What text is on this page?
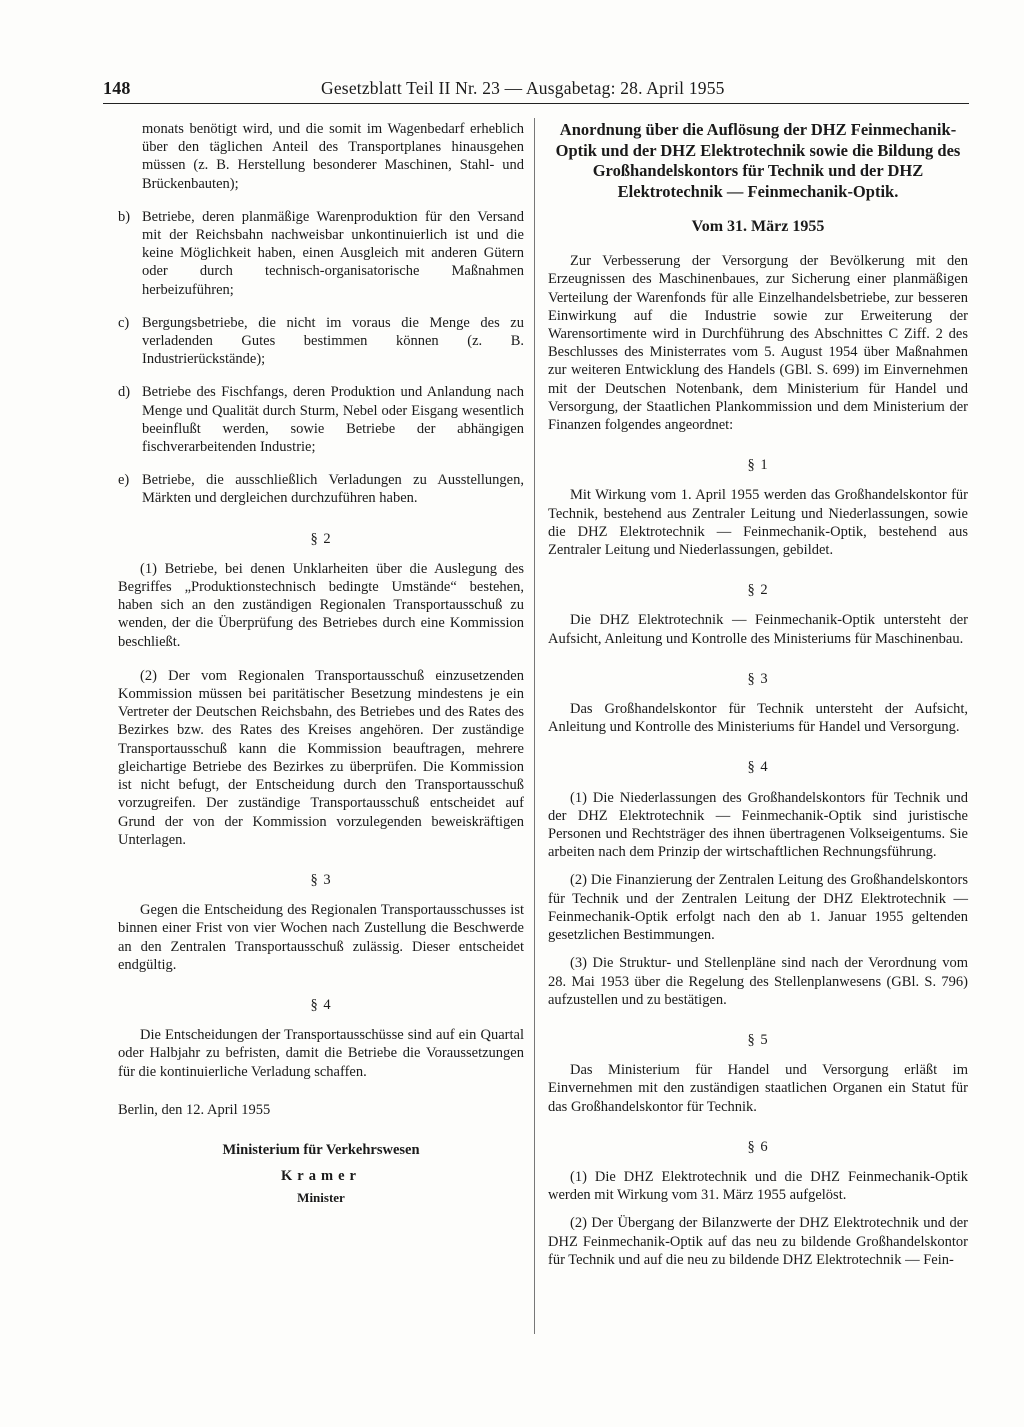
148	Gesetzblatt Teil II Nr. 23 — Ausgabetag: 28. April 1955

monats benötigt wird, und die somit im Wagenbedarf erheblich über den täglichen Anteil des Transportplanes hinausgehen müssen (z. B. Herstellung besonderer Maschinen, Stahl- und Brückenbauten);

b) Betriebe, deren planmäßige Warenproduktion für den Versand mit der Reichsbahn nachweisbar unkontinuierlich ist und die keine Möglichkeit haben, einen Ausgleich mit anderen Gütern oder durch technisch-organisatorische Maßnahmen herbeizuführen;
c) Bergungsbetriebe, die nicht im voraus die Menge des zu verladenden Gutes bestimmen können (z. B. Industrierückstände);
d) Betriebe des Fischfangs, deren Produktion und Anlandung nach Menge und Qualität durch Sturm, Nebel oder Eisgang wesentlich beeinflußt werden, sowie Betriebe der abhängigen fischverarbeitenden Industrie;
e) Betriebe, die ausschließlich Verladungen zu Ausstellungen, Märkten und dergleichen durchzuführen haben.

§ 2

(1) Betriebe, bei denen Unklarheiten über die Auslegung des Begriffes „Produktionstechnisch bedingte Umstände“ bestehen, haben sich an den zuständigen Regionalen Transportausschuß zu wenden, der die Überprüfung des Betriebes durch eine Kommission beschließt.

(2) Der vom Regionalen Transportausschuß einzusetzenden Kommission müssen bei paritätischer Besetzung mindestens je ein Vertreter der Deutschen Reichsbahn, des Betriebes und des Rates des Bezirkes bzw. des Rates des Kreises angehören. Der zuständige Transportausschuß kann die Kommission beauftragen, mehrere gleichartige Betriebe des Bezirkes zu überprüfen. Die Kommission ist nicht befugt, der Entscheidung durch den Transportausschuß vorzugreifen. Der zuständige Transportausschuß entscheidet auf Grund der von der Kommission vorzulegenden beweiskräftigen Unterlagen.

§ 3

Gegen die Entscheidung des Regionalen Transportausschusses ist binnen einer Frist von vier Wochen nach Zustellung die Beschwerde an den Zentralen Transportausschuß zulässig. Dieser entscheidet endgültig.

§ 4

Die Entscheidungen der Transportausschüsse sind auf ein Quartal oder Halbjahr zu befristen, damit die Betriebe die Voraussetzungen für die kontinuierliche Verladung schaffen.

Berlin, den 12. April 1955

Ministerium für Verkehrswesen

Kramer

Minister

Anordnung über die Auflösung der DHZ Feinmechanik-Optik und der DHZ Elektrotechnik sowie die Bildung des Großhandelskontors für Technik und der DHZ Elektrotechnik — Feinmechanik-Optik.

Vom 31. März 1955

Zur Verbesserung der Versorgung der Bevölkerung mit den Erzeugnissen des Maschinenbaues, zur Sicherung einer planmäßigen Verteilung der Warenfonds für alle Einzelhandelsbetriebe, zur besseren Einwirkung auf die Industrie sowie zur Erweiterung der Warensortimente wird in Durchführung des Abschnittes C Ziff. 2 des Beschlusses des Ministerrates vom 5. August 1954 über Maßnahmen zur weiteren Entwicklung des Handels (GBl. S. 699) im Einvernehmen mit der Deutschen Notenbank, dem Ministerium für Handel und Versorgung, der Staatlichen Plankommission und dem Ministerium der Finanzen folgendes angeordnet:

§ 1

Mit Wirkung vom 1. April 1955 werden das Großhandelskontor für Technik, bestehend aus Zentraler Leitung und Niederlassungen, sowie die DHZ Elektrotechnik — Feinmechanik-Optik, bestehend aus Zentraler Leitung und Niederlassungen, gebildet.

§ 2

Die DHZ Elektrotechnik — Feinmechanik-Optik untersteht der Aufsicht, Anleitung und Kontrolle des Ministeriums für Maschinenbau.

§ 3

Das Großhandelskontor für Technik untersteht der Aufsicht, Anleitung und Kontrolle des Ministeriums für Handel und Versorgung.

§ 4

(1) Die Niederlassungen des Großhandelskontors für Technik und der DHZ Elektrotechnik — Feinmechanik-Optik sind juristische Personen und Rechtsträger des ihnen übertragenen Volkseigentums. Sie arbeiten nach dem Prinzip der wirtschaftlichen Rechnungsführung.

(2) Die Finanzierung der Zentralen Leitung des Großhandelskontors für Technik und der Zentralen Leitung der DHZ Elektrotechnik — Feinmechanik-Optik erfolgt nach den ab 1. Januar 1955 geltenden gesetzlichen Bestimmungen.

(3) Die Struktur- und Stellenpläne sind nach der Verordnung vom 28. Mai 1953 über die Regelung des Stellenplanwesens (GBl. S. 796) aufzustellen und zu bestätigen.

§ 5

Das Ministerium für Handel und Versorgung erläßt im Einvernehmen mit den zuständigen staatlichen Organen ein Statut für das Großhandelskontor für Technik.

§ 6

(1) Die DHZ Elektrotechnik und die DHZ Feinmechanik-Optik werden mit Wirkung vom 31. März 1955 aufgelöst.

(2) Der Übergang der Bilanzwerte der DHZ Elektrotechnik und der DHZ Feinmechanik-Optik auf das neu zu bildende Großhandelskontor für Technik und auf die neu zu bildende DHZ Elektrotechnik — Fein-
